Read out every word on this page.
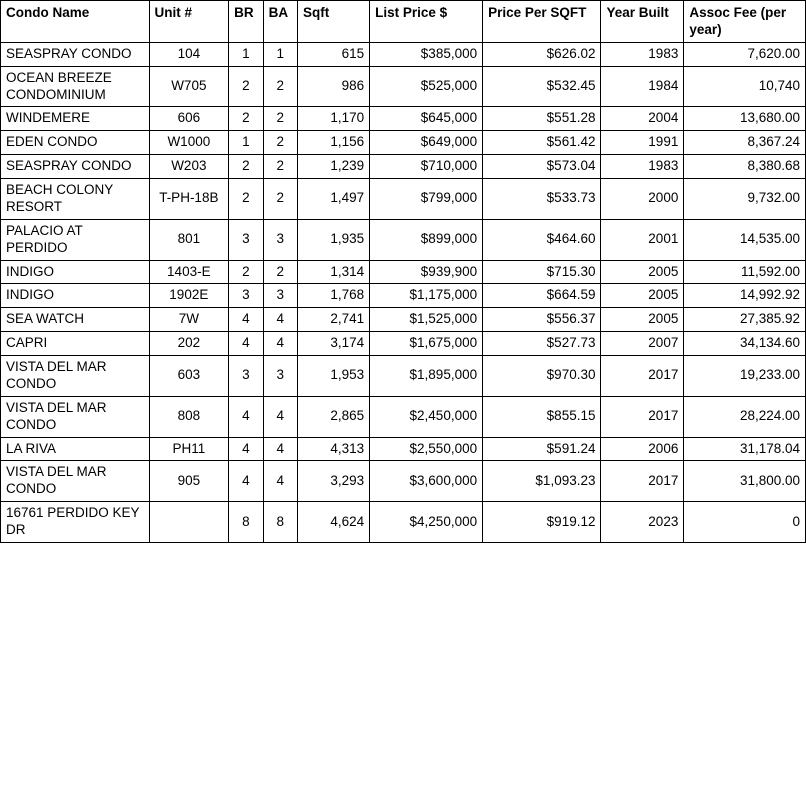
Condo Name	Unit #	BR	BA	Sqft	List Price $	Price Per SQFT	Year Built	Assoc Fee (per year)
SEASPRAY CONDO	104	1	1	615	$385,000	$626.02	1983	7,620.00
OCEAN BREEZE CONDOMINIUM	W705	2	2	986	$525,000	$532.45	1984	10,740
WINDEMERE	606	2	2	1,170	$645,000	$551.28	2004	13,680.00
EDEN CONDO	W1000	1	2	1,156	$649,000	$561.42	1991	8,367.24
SEASPRAY CONDO	W203	2	2	1,239	$710,000	$573.04	1983	8,380.68
BEACH COLONY RESORT	T-PH-18B	2	2	1,497	$799,000	$533.73	2000	9,732.00
PALACIO AT PERDIDO	801	3	3	1,935	$899,000	$464.60	2001	14,535.00
INDIGO	1403-E	2	2	1,314	$939,900	$715.30	2005	11,592.00
INDIGO	1902E	3	3	1,768	$1,175,000	$664.59	2005	14,992.92
SEA WATCH	7W	4	4	2,741	$1,525,000	$556.37	2005	27,385.92
CAPRI	202	4	4	3,174	$1,675,000	$527.73	2007	34,134.60
VISTA DEL MAR CONDO	603	3	3	1,953	$1,895,000	$970.30	2017	19,233.00
VISTA DEL MAR CONDO	808	4	4	2,865	$2,450,000	$855.15	2017	28,224.00
LA RIVA	PH11	4	4	4,313	$2,550,000	$591.24	2006	31,178.04
VISTA DEL MAR CONDO	905	4	4	3,293	$3,600,000	$1,093.23	2017	31,800.00
16761 PERDIDO KEY DR		8	8	4,624	$4,250,000	$919.12	2023	0
